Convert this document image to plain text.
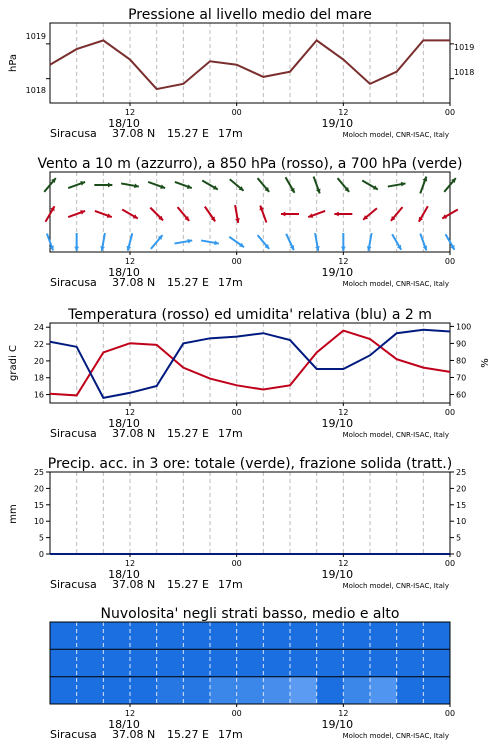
Pressione al livello medio del mare
hPa
1019
1018
1018
1019
12	00	12	00
18/10	19/10
Siracusa 37.08 N 15.27 E 17m	Moloch model, CNR-ISAC, Italy
Vento a 10 m (azzurro), a 850 hPa (rosso), a 700 hPa (verde)
12	00	12	00
18/10	19/10
Siracusa 37.08 N 15.27 E 17m	Moloch model, CNR-ISAC, Italy
Temperatura (rosso) ed umidita' relativa (blu) a 2 m
gradi C	%
16
18
20
22
24
60
70
80
90
100
12	00	12	00
18/10	19/10
Siracusa 37.08 N 15.27 E 17m	Moloch model, CNR-ISAC, Italy
Precip. acc. in 3 ore: totale (verde), frazione solida (tratt.)
mm
0	0
5	5
10	10
15	15
20	20
25	25
12	00	12	00
18/10	19/10
Siracusa 37.08 N 15.27 E 17m	Moloch model, CNR-ISAC, Italy
Nuvolosita' negli strati basso, medio e alto
12	00	12	00
18/10	19/10
Siracusa 37.08 N 15.27 E 17m	Moloch model, CNR-ISAC, Italy
